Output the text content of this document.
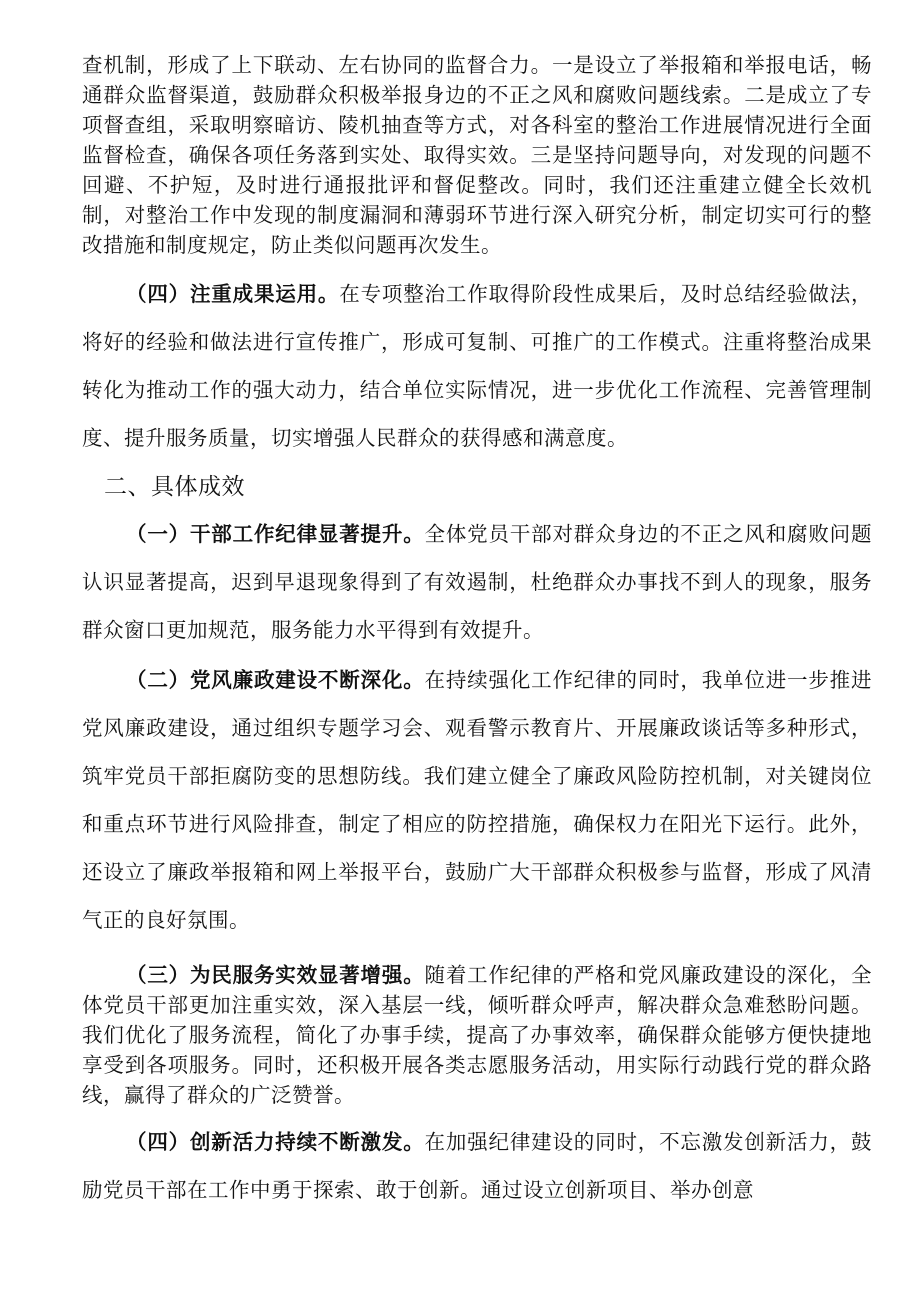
查机制，形成了上下联动、左右协同的监督合力。一是设立了举报箱和举报电话，畅通群众监督渠道，鼓励群众积极举报身边的不正之风和腐败问题线索。二是成立了专项督查组，采取明察暗访、陵机抽查等方式，对各科室的整治工作进展情况进行全面监督检查，确保各项任务落到实处、取得实效。三是坚持问题导向，对发现的问题不回避、不护短，及时进行通报批评和督促整改。同时，我们还注重建立健全长效机制，对整治工作中发现的制度漏洞和薄弱环节进行深入研究分析，制定切实可行的整改措施和制度规定，防止类似问题再次发生。

（四）注重成果运用。在专项整治工作取得阶段性成果后，及时总结经验做法，将好的经验和做法进行宣传推广，形成可复制、可推广的工作模式。注重将整治成果转化为推动工作的强大动力，结合单位实际情况，进一步优化工作流程、完善管理制度、提升服务质量，切实增强人民群众的获得感和满意度。

二、具体成效

（一）干部工作纪律显著提升。全体党员干部对群众身边的不正之风和腐败问题认识显著提高，迟到早退现象得到了有效遏制，杜绝群众办事找不到人的现象，服务群众窗口更加规范，服务能力水平得到有效提升。

（二）党风廉政建设不断深化。在持续强化工作纪律的同时，我单位进一步推进党风廉政建设，通过组织专题学习会、观看警示教育片、开展廉政谈话等多种形式，筑牢党员干部拒腐防变的思想防线。我们建立健全了廉政风险防控机制，对关键岗位和重点环节进行风险排查，制定了相应的防控措施，确保权力在阳光下运行。此外，还设立了廉政举报箱和网上举报平台，鼓励广大干部群众积极参与监督，形成了风清气正的良好氛围。

（三）为民服务实效显著增强。随着工作纪律的严格和党风廉政建设的深化，全体党员干部更加注重实效，深入基层一线，倾听群众呼声，解决群众急难愁盼问题。我们优化了服务流程，简化了办事手续，提高了办事效率，确保群众能够方便快捷地享受到各项服务。同时，还积极开展各类志愿服务活动，用实际行动践行党的群众路线，赢得了群众的广泛赞誉。

（四）创新活力持续不断激发。在加强纪律建设的同时，不忘激发创新活力，鼓励党员干部在工作中勇于探索、敢于创新。通过设立创新项目、举办创意
